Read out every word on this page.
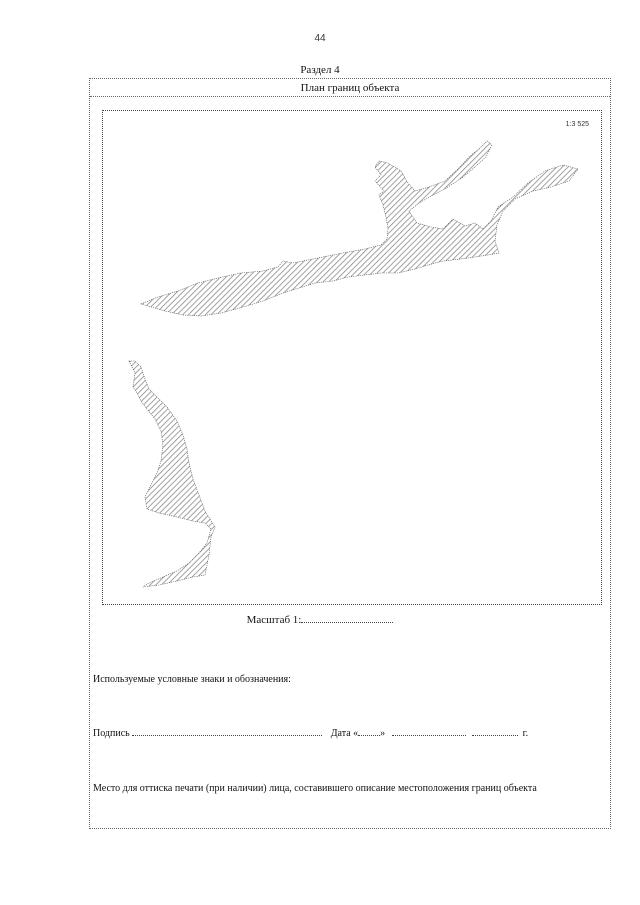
44
Раздел 4
План границ объекта
1:3 525
Масштаб 1:
Используемые условные знаки и обозначения:
Подпись	Дата « »	г.
Место для оттиска печати (при наличии) лица, составившего описание местоположения границ объекта
